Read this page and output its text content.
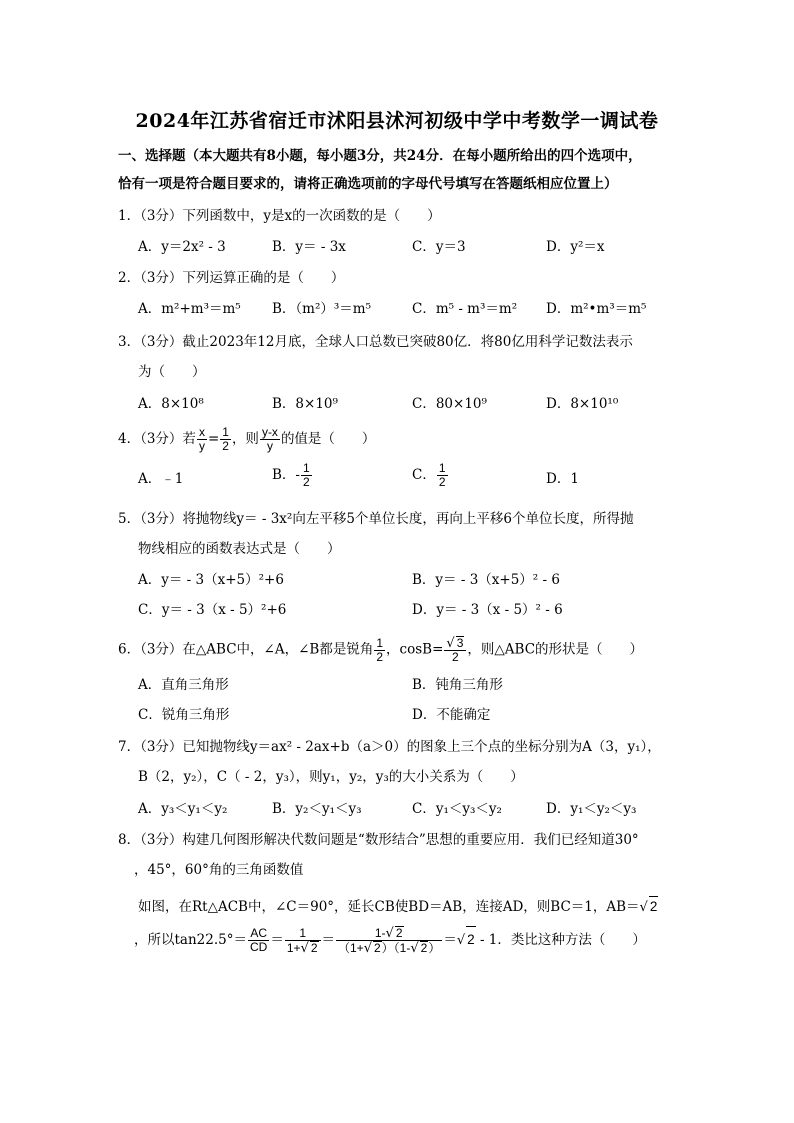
2024年江苏省宿迁市沭阳县沭河初级中学中考数学一调试卷
一、选择题（本大题共有8小题，每小题3分，共24分．在每小题所给出的四个选项中，
恰有一项是符合题目要求的，请将正确选项前的字母代号填写在答题纸相应位置上）
1．（3分）下列函数中，y是x的一次函数的是（　　）
A．y＝2x² - 3	B．y＝ - 3x	C．y＝3	D．y²＝x
2．（3分）下列运算正确的是（　　）
A．m²+m³＝m⁵ B．（m²）³＝m⁵	C．m⁵ - m³＝m² D．m²•m³＝m⁵
3．（3分）截止2023年12月底，全球人口总数已突破80亿．将80亿用科学记数法表示
为（　　）
A．8×10⁸	B．8×10⁹	C．80×10⁹	D．8×10¹⁰
4．（3分）若 $\frac{x}{y} = \frac{1}{2}$ ，则 $\frac{y-x}{y}$ 的值是（　　）
A．﹣1	B．- $\frac{1}{2}$	C． $\frac{1}{2}$	D．1
5．（3分）将抛物线y＝ - 3x²向左平移5个单位长度，再向上平移6个单位长度，所得抛
物线相应的函数表达式是（　　）
A．y＝ - 3（x+5）²+6	B．y＝ - 3（x+5）² - 6
C．y＝ - 3（x - 5）²+6	D．y＝ - 3（x - 5）² - 6
6．（3分）在△ABC中，∠A，∠B都是锐角 $\frac{1}{2}$ ，$\cos B= \frac{√ 3}{2}$ ，则△ABC的形状是（　　）
A．直角三角形	B．钝角三角形
C．锐角三角形	D．不能确定
7．（3分）已知抛物线y＝ax² - 2ax+b（a＞0）的图象上三个点的坐标分别为A（3，y₁），
B（2，y₂），C（ - 2，y₃），则y₁，y₂，y₃的大小关系为（　　）
A．y₃＜y₁＜y₂	B．y₂＜y₁＜y₃	C．y₁＜y₃＜y₂	D．y₁＜y₂＜y₃
8．（3分）构建几何图形解决代数问题是“数形结合”思想的重要应用．我们已经知道30°
，45°，60°角的三角函数值
如图，在Rt△ACB中，∠C＝90°，延长CB使BD＝AB，连接AD，则BC＝1，AB＝√ 2
，所以$\tan 22.5^\circ= \frac{AC}{CD} = \frac{1}{1+√ 2} = \frac{1-√ 2}{(1+√ 2)(1-√ 2)}$ ＝√ 2 - 1．类比这种方法（　　）
